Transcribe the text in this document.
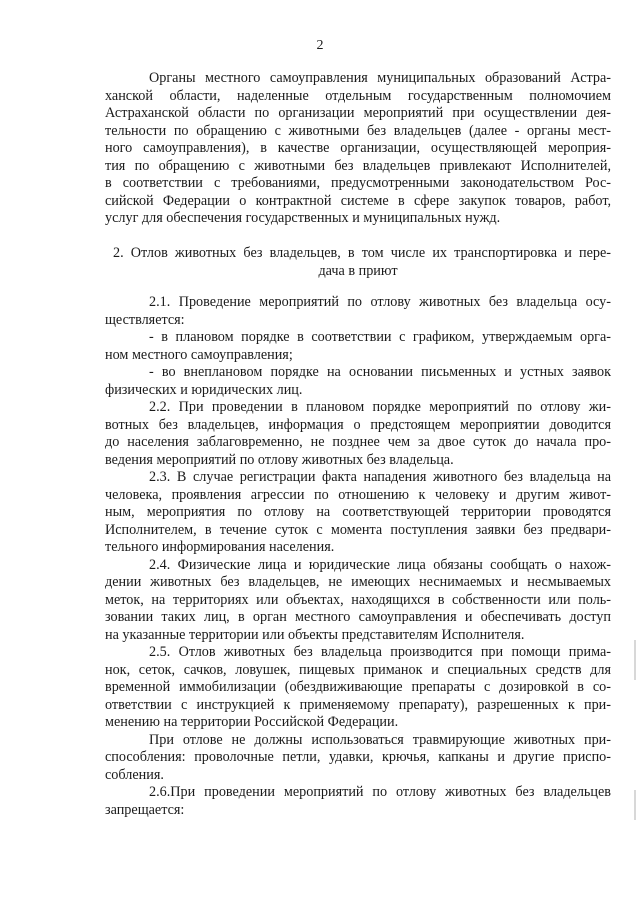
2
Органы местного самоуправления муниципальных образований Астра-
ханской области, наделенные отдельным государственным полномочием
Астраханской области по организации мероприятий при осуществлении дея-
тельности по обращению с животными без владельцев (далее - органы мест-
ного самоуправления), в качестве организации, осуществляющей мероприя-
тия по обращению с животными без владельцев привлекают Исполнителей,
в соответствии с требованиями, предусмотренными законодательством Рос-
сийской Федерации о контрактной системе в сфере закупок товаров, работ,
услуг для обеспечения государственных и муниципальных нужд.
2. Отлов животных без владельцев, в том числе их транспортировка и пере-
дача в приют
2.1. Проведение мероприятий по отлову животных без владельца осу-
ществляется:
- в плановом порядке в соответствии с графиком, утверждаемым орга-
ном местного самоуправления;
- во внеплановом порядке на основании письменных и устных заявок
физических и юридических лиц.
2.2. При проведении в плановом порядке мероприятий по отлову жи-
вотных без владельцев, информация о предстоящем мероприятии доводится
до населения заблаговременно, не позднее чем за двое суток до начала про-
ведения мероприятий по отлову животных без владельца.
2.3. В случае регистрации факта нападения животного без владельца на
человека, проявления агрессии по отношению к человеку и другим живот-
ным, мероприятия по отлову на соответствующей территории проводятся
Исполнителем, в течение суток с момента поступления заявки без предвари-
тельного информирования населения.
2.4. Физические лица и юридические лица обязаны сообщать о нахож-
дении животных без владельцев, не имеющих неснимаемых и несмываемых
меток, на территориях или объектах, находящихся в собственности или поль-
зовании таких лиц, в орган местного самоуправления и обеспечивать доступ
на указанные территории или объекты представителям Исполнителя.
2.5. Отлов животных без владельца производится при помощи прима-
нок, сеток, сачков, ловушек, пищевых приманок и специальных средств для
временной иммобилизации (обездвиживающие препараты с дозировкой в со-
ответствии с инструкцией к применяемому препарату), разрешенных к при-
менению на территории Российской Федерации.
При отлове не должны использоваться травмирующие животных при-
способления: проволочные петли, удавки, крючья, капканы и другие приспо-
собления.
2.6.При проведении мероприятий по отлову животных без владельцев
запрещается:
